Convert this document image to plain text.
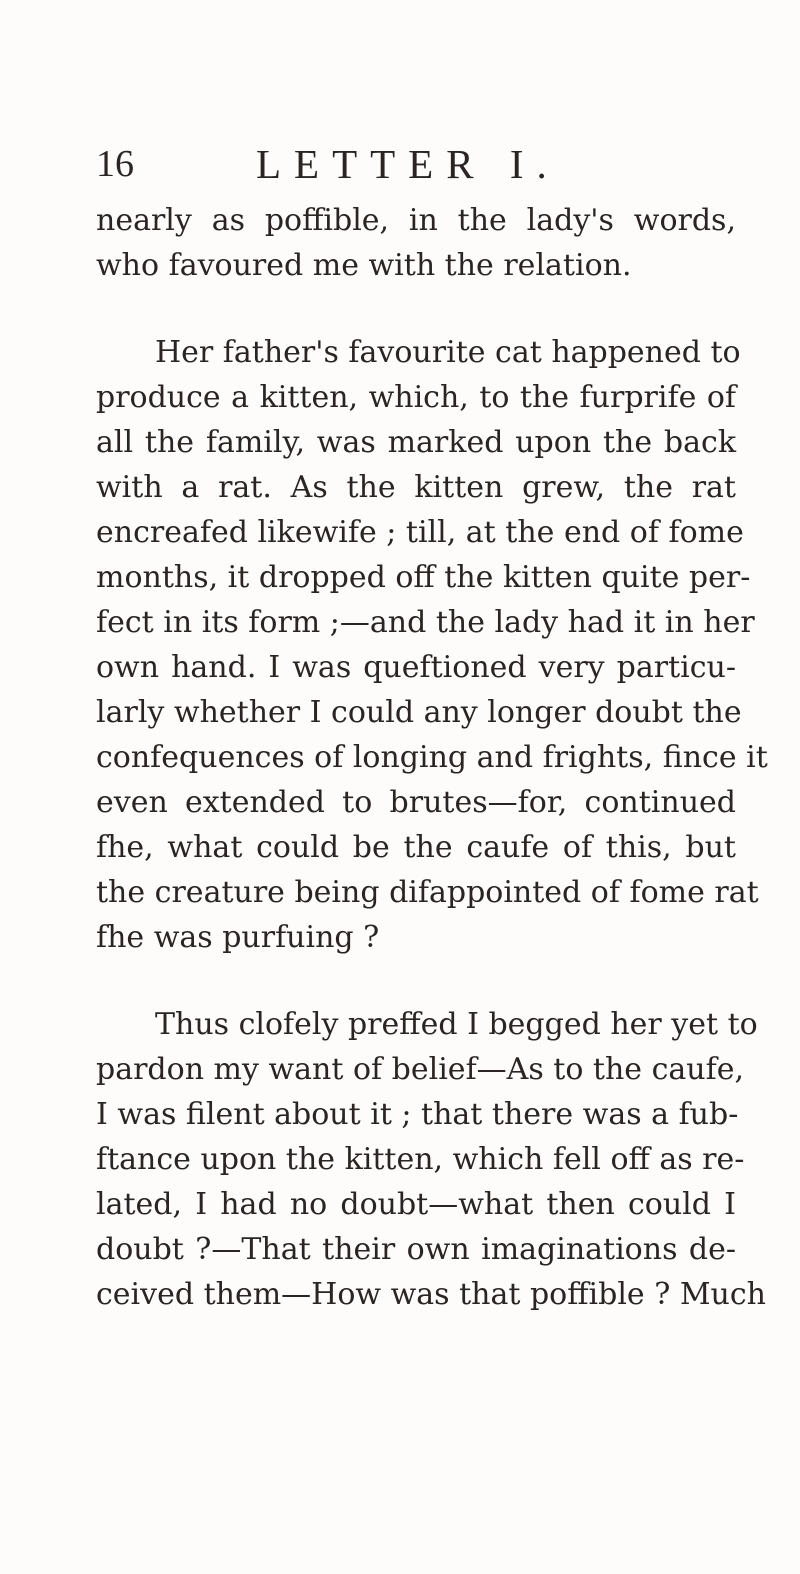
16	LETTER I.
nearly as poffible, in the lady's words,
who favoured me with the relation.
Her father's favourite cat happened to
produce a kitten, which, to the furprife of
all the family, was marked upon the back
with a rat. As the kitten grew, the rat
encreafed likewife ; till, at the end of fome
months, it dropped off the kitten quite per-
fect in its form ;—and the lady had it in her
own hand. I was queftioned very particu-
larly whether I could any longer doubt the
confequences of longing and frights, fince it
even extended to brutes—for, continued
fhe, what could be the caufe of this, but
the creature being difappointed of fome rat
fhe was purfuing ?
Thus clofely preffed I begged her yet to
pardon my want of belief—As to the caufe,
I was filent about it ; that there was a fub-
ftance upon the kitten, which fell off as re-
lated, I had no doubt—what then could I
doubt ?—That their own imaginations de-
ceived them—How was that poffible ? Much
